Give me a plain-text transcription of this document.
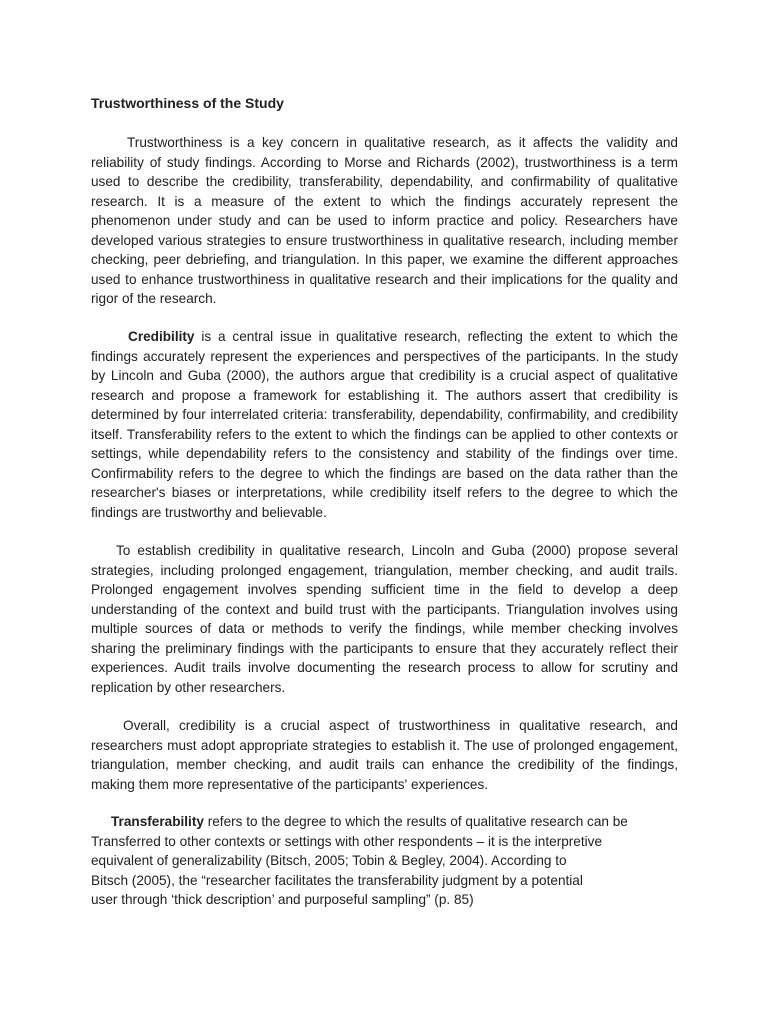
Trustworthiness of the Study

Trustworthiness is a key concern in qualitative research, as it affects the validity and reliability of study findings. According to Morse and Richards (2002), trustworthiness is a term used to describe the credibility, transferability, dependability, and confirmability of qualitative research. It is a measure of the extent to which the findings accurately represent the phenomenon under study and can be used to inform practice and policy. Researchers have developed various strategies to ensure trustworthiness in qualitative research, including member checking, peer debriefing, and triangulation. In this paper, we examine the different approaches used to enhance trustworthiness in qualitative research and their implications for the quality and rigor of the research.

Credibility is a central issue in qualitative research, reflecting the extent to which the findings accurately represent the experiences and perspectives of the participants. In the study by Lincoln and Guba (2000), the authors argue that credibility is a crucial aspect of qualitative research and propose a framework for establishing it. The authors assert that credibility is determined by four interrelated criteria: transferability, dependability, confirmability, and credibility itself. Transferability refers to the extent to which the findings can be applied to other contexts or settings, while dependability refers to the consistency and stability of the findings over time. Confirmability refers to the degree to which the findings are based on the data rather than the researcher's biases or interpretations, while credibility itself refers to the degree to which the findings are trustworthy and believable.

To establish credibility in qualitative research, Lincoln and Guba (2000) propose several strategies, including prolonged engagement, triangulation, member checking, and audit trails. Prolonged engagement involves spending sufficient time in the field to develop a deep understanding of the context and build trust with the participants. Triangulation involves using multiple sources of data or methods to verify the findings, while member checking involves sharing the preliminary findings with the participants to ensure that they accurately reflect their experiences. Audit trails involve documenting the research process to allow for scrutiny and replication by other researchers.

Overall, credibility is a crucial aspect of trustworthiness in qualitative research, and researchers must adopt appropriate strategies to establish it. The use of prolonged engagement, triangulation, member checking, and audit trails can enhance the credibility of the findings, making them more representative of the participants' experiences.

Transferability refers to the degree to which the results of qualitative research can be
Transferred to other contexts or settings with other respondents – it is the interpretive
equivalent of generalizability (Bitsch, 2005; Tobin & Begley, 2004). According to
Bitsch (2005), the “researcher facilitates the transferability judgment by a potential
user through ‘thick description’ and purposeful sampling” (p. 85)
